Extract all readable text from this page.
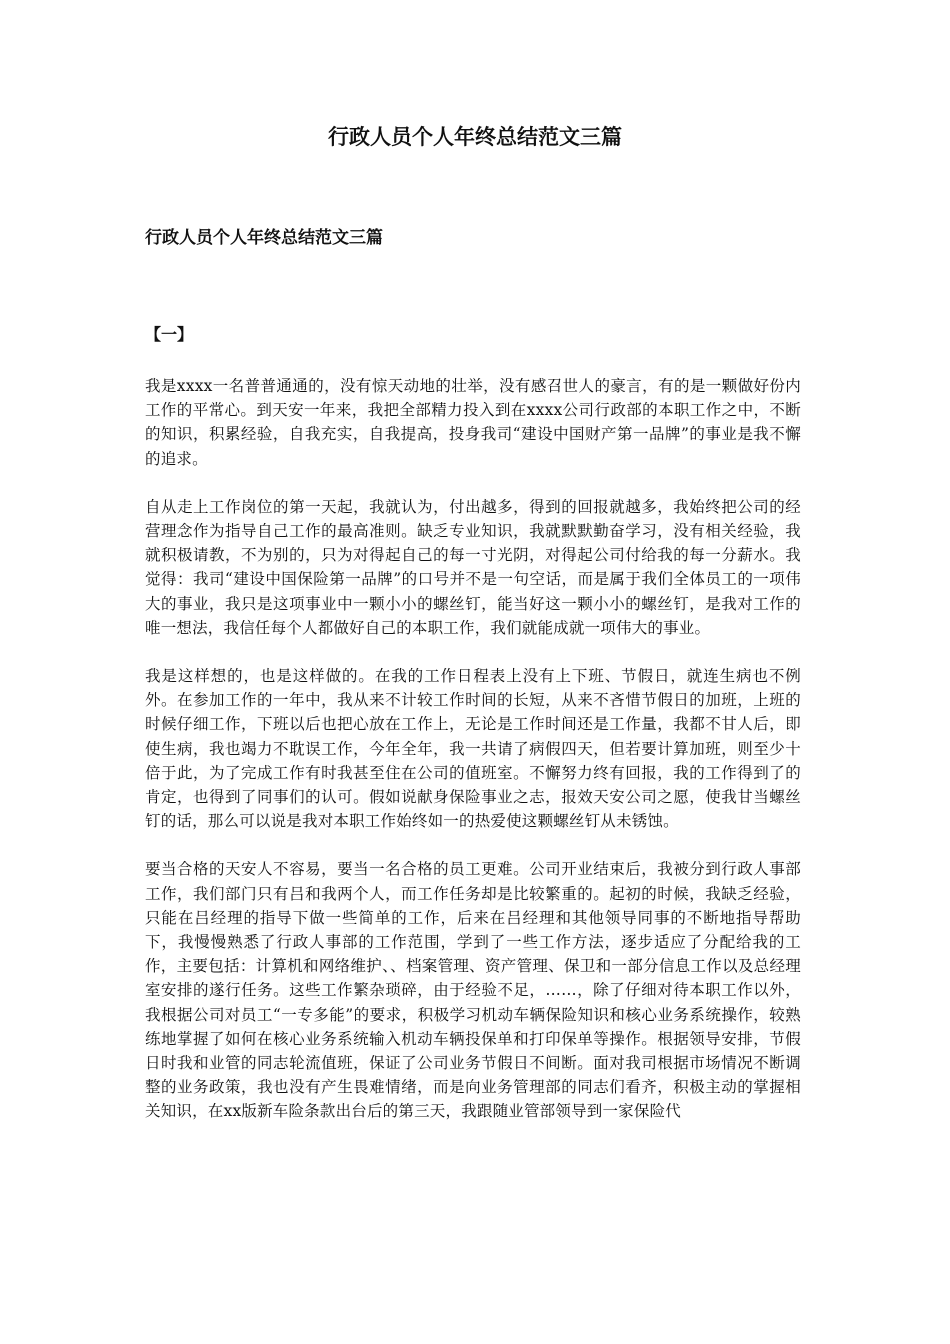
行政人员个人年终总结范文三篇
行政人员个人年终总结范文三篇
【一】

我是xxxx一名普普通通的，没有惊天动地的壮举，没有感召世人的豪言，有的是一颗做好份内工作的平常心。到天安一年来，我把全部精力投入到在xxxx公司行政部的本职工作之中，不断的知识，积累经验，自我充实，自我提高，投身我司“建设中国财产第一品牌”的事业是我不懈的追求。

自从走上工作岗位的第一天起，我就认为，付出越多，得到的回报就越多，我始终把公司的经营理念作为指导自己工作的最高准则。缺乏专业知识，我就默默勤奋学习，没有相关经验，我就积极请教，不为别的，只为对得起自己的每一寸光阴，对得起公司付给我的每一分薪水。我觉得：我司“建设中国保险第一品牌”的口号并不是一句空话，而是属于我们全体员工的一项伟大的事业，我只是这项事业中一颗小小的螺丝钉，能当好这一颗小小的螺丝钉，是我对工作的唯一想法，我信任每个人都做好自己的本职工作，我们就能成就一项伟大的事业。

我是这样想的，也是这样做的。在我的工作日程表上没有上下班、节假日，就连生病也不例外。在参加工作的一年中，我从来不计较工作时间的长短，从来不吝惜节假日的加班，上班的时候仔细工作，下班以后也把心放在工作上，无论是工作时间还是工作量，我都不甘人后，即使生病，我也竭力不耽误工作，今年全年，我一共请了病假四天，但若要计算加班，则至少十倍于此，为了完成工作有时我甚至住在公司的值班室。不懈努力终有回报，我的工作得到了的肯定，也得到了同事们的认可。假如说献身保险事业之志，报效天安公司之愿，使我甘当螺丝钉的话，那么可以说是我对本职工作始终如一的热爱使这颗螺丝钉从未锈蚀。

要当合格的天安人不容易，要当一名合格的员工更难。公司开业结束后，我被分到行政人事部工作，我们部门只有吕和我两个人，而工作任务却是比较繁重的。起初的时候，我缺乏经验，只能在吕经理的指导下做一些简单的工作，后来在吕经理和其他领导同事的不断地指导帮助下，我慢慢熟悉了行政人事部的工作范围，学到了一些工作方法，逐步适应了分配给我的工作，主要包括：计算机和网络维护、、档案管理、资产管理、保卫和一部分信息工作以及总经理室安排的遂行任务。这些工作繁杂琐碎，由于经验不足，……，除了仔细对待本职工作以外，我根据公司对员工“一专多能”的要求，积极学习机动车辆保险知识和核心业务系统操作，较熟练地掌握了如何在核心业务系统输入机动车辆投保单和打印保单等操作。根据领导安排，节假日时我和业管的同志轮流值班，保证了公司业务节假日不间断。面对我司根据市场情况不断调整的业务政策，我也没有产生畏难情绪，而是向业务管理部的同志们看齐，积极主动的掌握相关知识，在xx版新车险条款出台后的第三天，我跟随业管部领导到一家保险代
